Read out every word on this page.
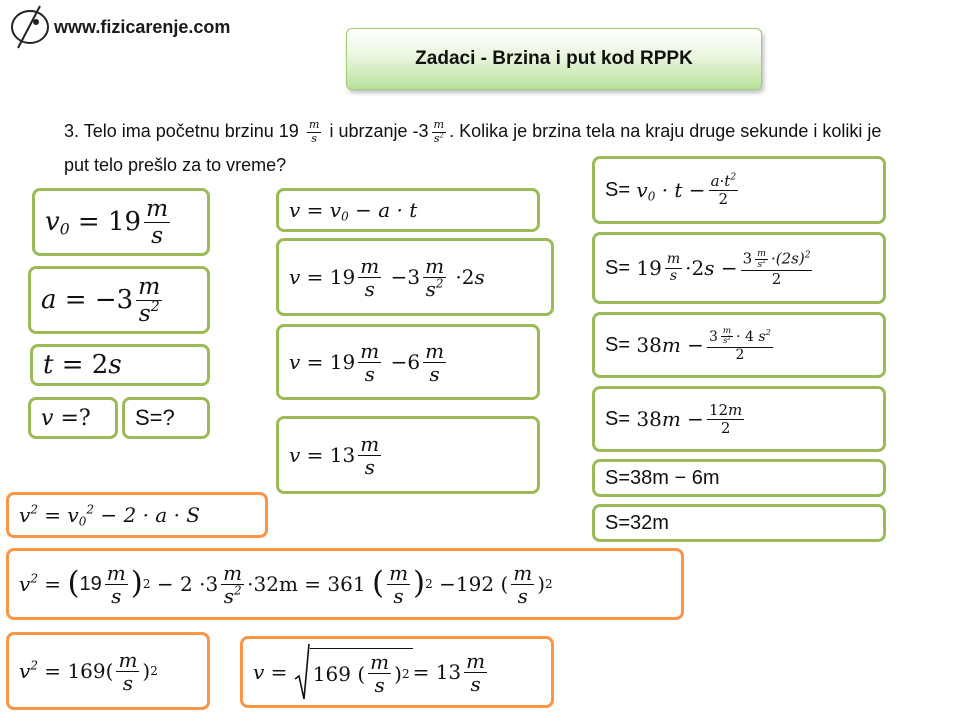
www.fizicarenje.com
Zadaci - Brzina i put kod RPPK
3. Telo ima početnu brzinu $19 \frac{m}{s}$ i ubrzanje $-3 \frac{m}{s^2}$ . Kolika je brzina tela na kraju druge sekunde i koliki je put telo prešlo za to vreme?
$v_0$
=
19 m
s
a
=
−3 m
$s^2$
t
=
2 s
v
=? S=?
$v = v_0 - a \cdot t$
v = 19 m
s − 3 m
$s^2 \cdot 2$ s
v = 19 m
s − 6 m
s
v = 13 m
s
S=
$v_0 \cdot t - \frac{a\cdot t^2}{2}$
S=
19 m
s · 2 $s - \frac{3 \frac{m}{s^2} \cdot(2s)^2}{2}$
S=
38 $m - \frac{3 \frac{m}{s^2} \cdot 4 s^2}{2}$
S=
38 $m - \frac{12m}{2}$
S=38m − 6m
S=32m
$v^2 = v_0^2 - 2 \cdot a \cdot S$
$v^2$ = ( 19 m
s ) 2 − 2 · 3 m
$s^2 \cdot 32m = 361$
( m
s ) 2 − 192 ( m
s ) 2
$v^2 = 169$ ( m
s ) 2	v = 169 ( m
s ) 2 = 13 m
s
